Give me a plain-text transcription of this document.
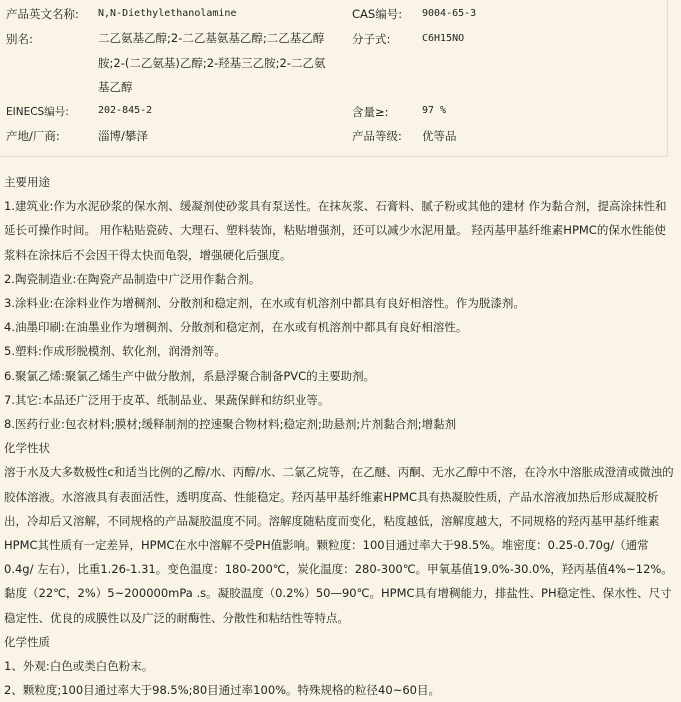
产品英文名称: N,N-Diethylethanolamine	CAS编号: 9004-65-3
别名:	二乙氨基乙醇;2-二乙基氨基乙醇;二乙基乙醇
胺;2-(二乙氨基)乙醇;2-羟基三乙胺;2-二乙氨
基乙醇
分子式:	C6H15NO
EINECS编号:	202-845-2	含量≥:	97 %
产地/厂商:	淄博/攀泽	产品等级: 优等品

主要用途

1.建筑业:作为水泥砂浆的保水剂、缓凝剂使砂浆具有泵送性。在抹灰浆、石膏料、腻子粉或其他的建材 作为黏合剂，提高涂抹性和延长可操作时间。 用作粘贴瓷砖、大理石、塑料装饰，粘贴增强剂，还可以减少水泥用量。 羟丙基甲基纤维素HPMC的保水性能使浆料在涂抹后不会因干得太快而龟裂，增强硬化后强度。

2.陶瓷制造业:在陶瓷产品制造中广泛用作黏合剂。

3.涂料业:在涂料业作为增稠剂、分散剂和稳定剂，在水或有机溶剂中都具有良好相溶性。作为脱漆剂。

4.油墨印刷:在油墨业作为增稠剂、分散剂和稳定剂，在水或有机溶剂中都具有良好相溶性。

5.塑料:作成形脱模剂、软化剂，润滑剂等。

6.聚氯乙烯:聚氯乙烯生产中做分散剂，系悬浮聚合制备PVC的主要助剂。

7.其它:本品还广泛用于皮革、纸制品业、果蔬保鲜和纺织业等。

8.医药行业:包衣材料;膜材;缓释制剂的控速聚合物材料;稳定剂;助悬剂;片剂黏合剂;增黏剂

化学性状

溶于水及大多数极性c和适当比例的乙醇/水、丙醇/水、二氯乙烷等，在乙醚、丙酮、无水乙醇中不溶，在冷水中溶胀成澄清或微浊的胶体溶液。水溶液具有表面活性，透明度高、性能稳定。羟丙基甲基纤维素HPMC具有热凝胶性质，产品水溶液加热后形成凝胶析出，冷却后又溶解，不同规格的产品凝胶温度不同。溶解度随粘度而变化，粘度越低，溶解度越大，不同规格的羟丙基甲基纤维素HPMC其性质有一定差异，HPMC在水中溶解不受PH值影响。颗粒度：100目通过率大于98.5%。堆密度：0.25-0.70g/（通常0.4g/ 左右），比重1.26-1.31。变色温度：180-200℃，炭化温度：280-300℃。甲氧基值19.0%-30.0%，羟丙基值4%~12%。黏度（22℃，2%）5~200000mPa .s。凝胶温度（0.2%）50—90℃。HPMC具有增稠能力，排盐性、PH稳定性、保水性、尺寸稳定性、优良的成膜性以及广泛的耐酶性、分散性和粘结性等特点。

化学性质

1、外观:白色或类白色粉末。

2、颗粒度;100目通过率大于98.5%;80目通过率100%。特殊规格的粒径40~60目。
